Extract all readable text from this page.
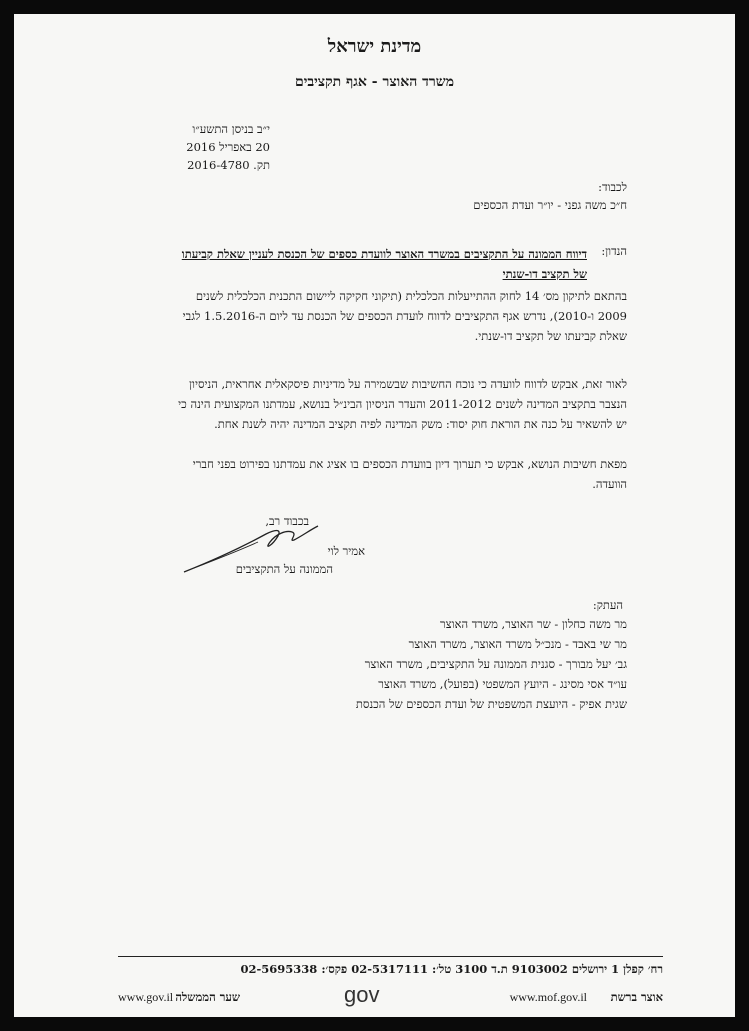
מדינת ישראל
משרד האוצר - אגף תקציבים
י״ב בניסן התשע״ו
20 באפריל 2016
תק. 2016-4780
לכבוד:
ח״כ משה גפני - יו״ר ועדת הכספים
הנדון:
דיווח הממונה על התקציבים במשרד האוצר לוועדת כספים של הכנסת לעניין שאלת קביעתו
של תקציב דו-שנתי
בהתאם לתיקון מס׳ 14 לחוק ההתייעלות הכלכלית (תיקוני חקיקה ליישום התכנית הכלכלית לשנים
2009 ו-2010), נדרש אגף התקציבים לדווח לועדת הכספים של הכנסת עד ליום ה-1.5.2016 לגבי
שאלת קביעתו של תקציב דו-שנתי.
לאור זאת, אבקש לדווח לוועדה כי נוכח החשיבות שבשמירה על מדיניות פיסקאלית אחראית, הניסיון
הנצבר בתקציב המדינה לשנים 2011-2012 והעדר הניסיון הבינ״ל בנושא, עמדתנו המקצועית הינה כי
יש להשאיר על כנה את הוראת חוק יסוד: משק המדינה לפיה תקציב המדינה יהיה לשנת אחת.
מפאת חשיבות הנושא, אבקש כי תערוך דיון בוועדת הכספים בו אציג את עמדתנו בפירוט בפני חברי
הוועדה.
בכבוד רב,
אמיר לוי
הממונה על התקציבים
העתק:
מר משה כחלון - שר האוצר, משרד האוצר
מר שי באבד - מנכ״ל משרד האוצר, משרד האוצר
גב׳ יעל מבורך - סגנית הממונה על התקציבים, משרד האוצר
עו״ד אסי מסינג - היועץ המשפטי (בפועל), משרד האוצר
שגית אפיק - היועצת המשפטית של ועדת הכספים של הכנסת
רח׳ קפלן 1 ירושלים 9103002 ת.ד 3100 טל׳: 02-5317111 פקס׳: 02-5695338
אוצר ברשת
www.mof.gov.il
gov
שער הממשלה
www.gov.il
